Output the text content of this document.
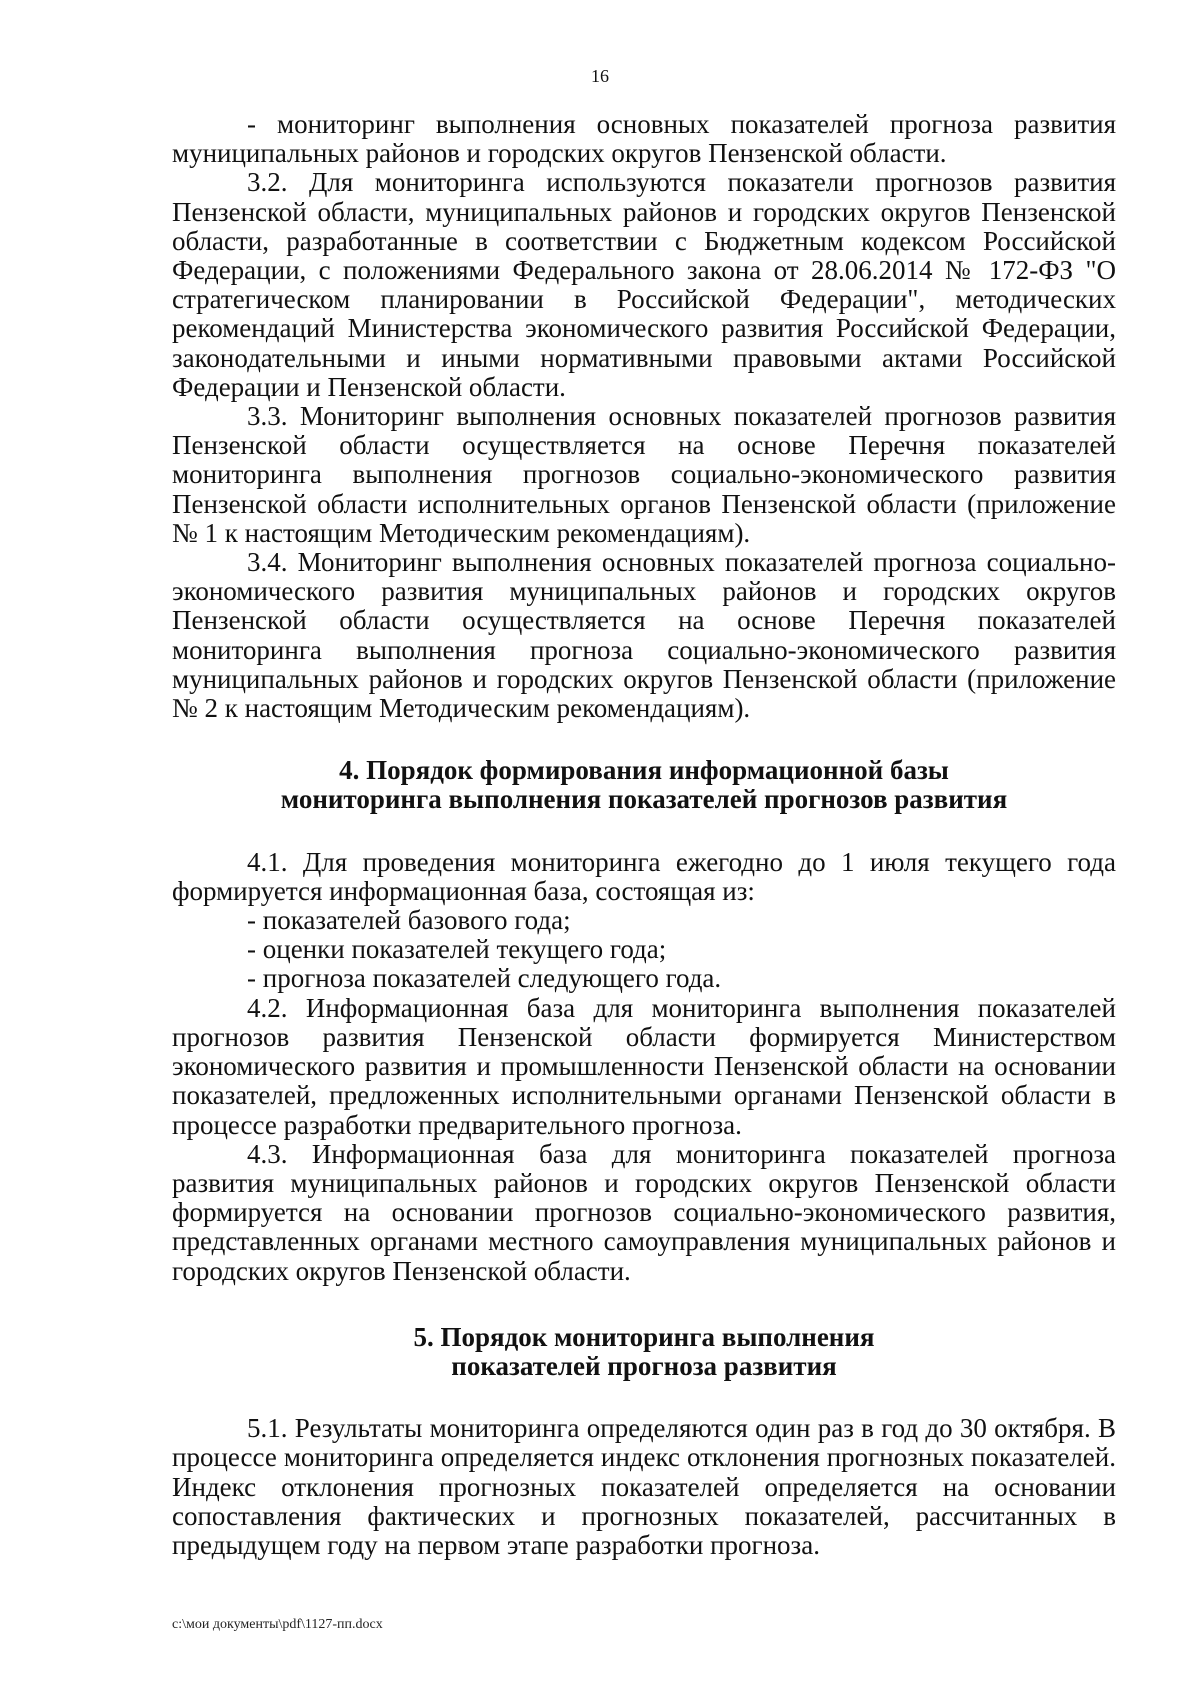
16

- мониторинг выполнения основных показателей прогноза развития муниципальных районов и городских округов Пензенской области.

3.2. Для мониторинга используются показатели прогнозов развития Пензенской области, муниципальных районов и городских округов Пензенской области, разработанные в соответствии с Бюджетным кодексом Российской Федерации, с положениями Федерального закона от 28.06.2014 № 172-ФЗ "О стратегическом планировании в Российской Федерации", методических рекомендаций Министерства экономического развития Российской Федерации, законодательными и иными нормативными правовыми актами Российской Федерации и Пензенской области.

3.3. Мониторинг выполнения основных показателей прогнозов развития Пензенской области осуществляется на основе Перечня показателей мониторинга выполнения прогнозов социально-экономического развития Пензенской области исполнительных органов Пензенской области (приложение № 1 к настоящим Методическим рекомендациям).

3.4. Мониторинг выполнения основных показателей прогноза социально-экономического развития муниципальных районов и городских округов Пензенской области осуществляется на основе Перечня показателей мониторинга выполнения прогноза социально-экономического развития муниципальных районов и городских округов Пензенской области (приложение № 2 к настоящим Методическим рекомендациям).

4. Порядок формирования информационной базы
мониторинга выполнения показателей прогнозов развития

4.1. Для проведения мониторинга ежегодно до 1 июля текущего года формируется информационная база, состоящая из:

- показателей базового года;

- оценки показателей текущего года;

- прогноза показателей следующего года.

4.2. Информационная база для мониторинга выполнения показателей прогнозов развития Пензенской области формируется Министерством экономического развития и промышленности Пензенской области на основании показателей, предложенных исполнительными органами Пензенской области в процессе разработки предварительного прогноза.

4.3. Информационная база для мониторинга показателей прогноза развития муниципальных районов и городских округов Пензенской области формируется на основании прогнозов социально-экономического развития, представленных органами местного самоуправления муниципальных районов и городских округов Пензенской области.

5. Порядок мониторинга выполнения
показателей прогноза развития

5.1. Результаты мониторинга определяются один раз в год до 30 октября. В процессе мониторинга определяется индекс отклонения прогнозных показателей. Индекс отклонения прогнозных показателей определяется на основании сопоставления фактических и прогнозных показателей, рассчитанных в предыдущем году на первом этапе разработки прогноза.

c:\мои документы\pdf\1127-пп.docx
